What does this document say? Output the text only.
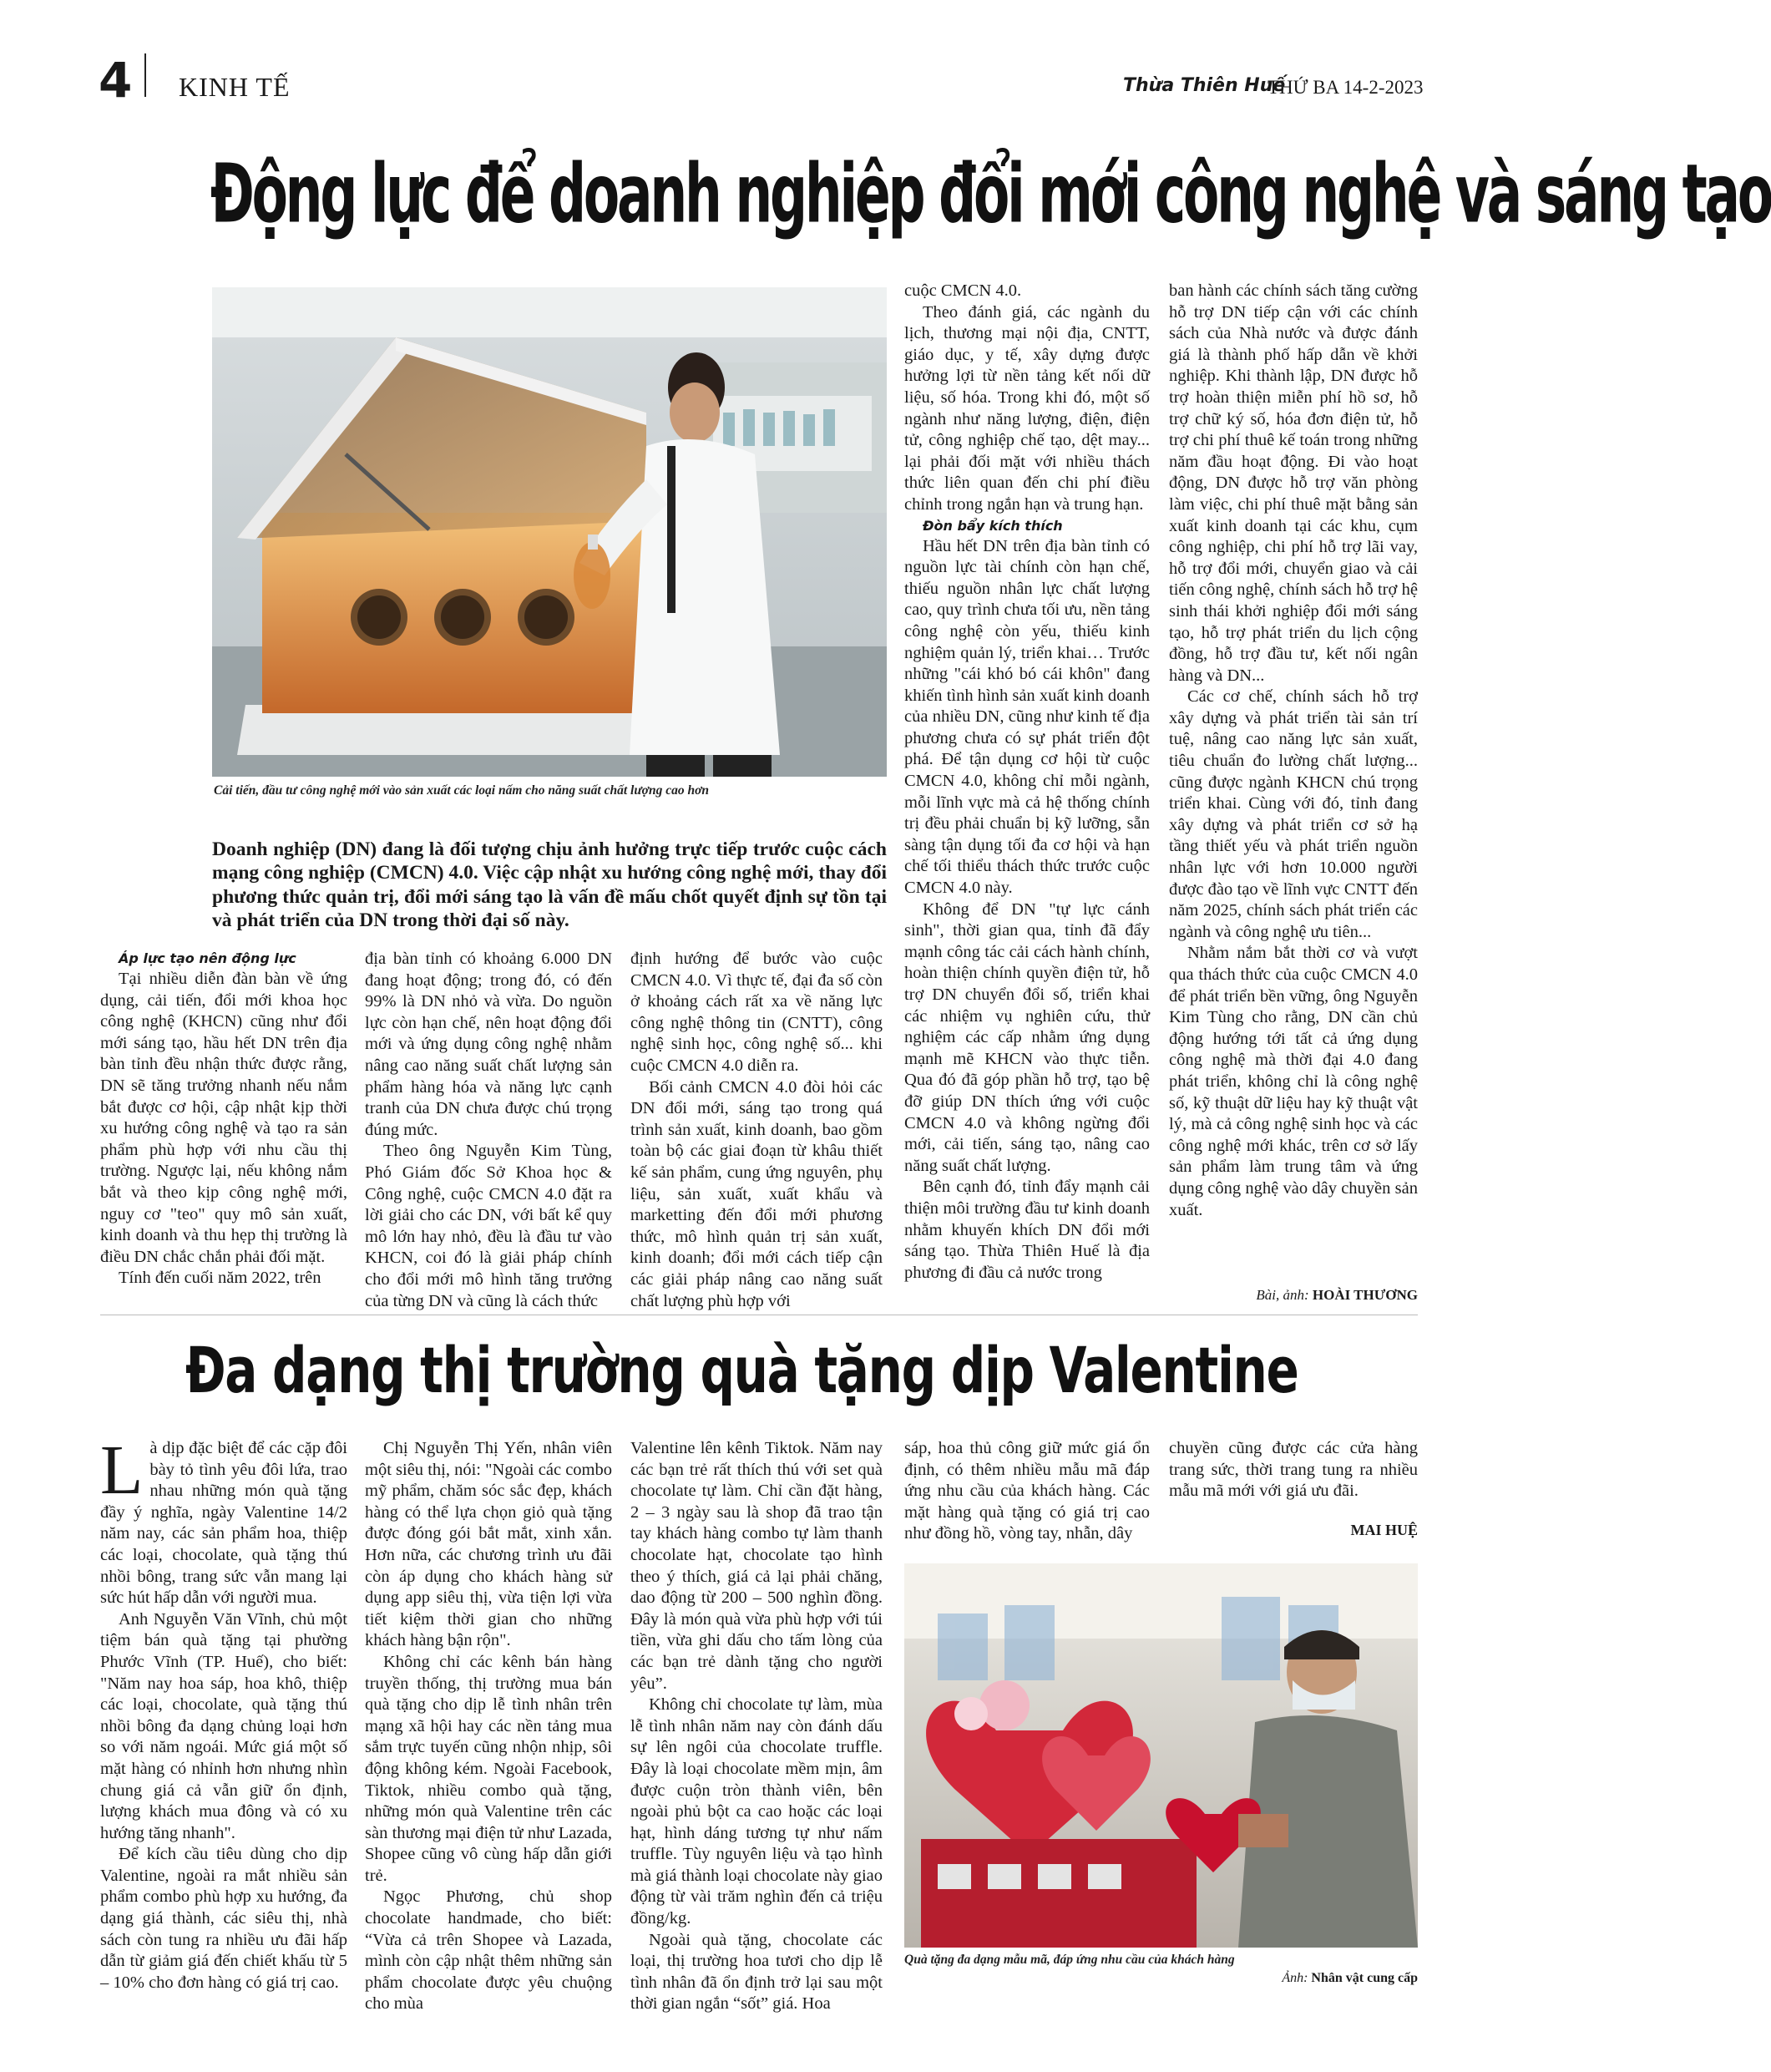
4 KINH TẾ	Thừa Thiên Huế
THỨ BA 14-2-2023
Động lực để doanh nghiệp đổi mới công nghệ và sáng tạo
Cải tiến, đầu tư công nghệ mới vào sản xuất các loại nấm cho năng suất chất lượng cao hơn
Doanh nghiệp (DN) đang là đối tượng chịu ảnh hưởng trực tiếp trước cuộc cách mạng công nghiệp (CMCN) 4.0. Việc cập nhật xu hướng công nghệ mới, thay đổi phương thức quản trị, đổi mới sáng tạo là vấn đề mấu chốt quyết định sự tồn tại và phát triển của DN trong thời đại số này.

Áp lực tạo nên động lực

Tại nhiều diễn đàn bàn về ứng dụng, cải tiến, đổi mới khoa học công nghệ (KHCN) cũng như đổi mới sáng tạo, hầu hết DN trên địa bàn tỉnh đều nhận thức được rằng, DN sẽ tăng trưởng nhanh nếu nắm bắt được cơ hội, cập nhật kịp thời xu hướng công nghệ và tạo ra sản phẩm phù hợp với nhu cầu thị trường. Ngược lại, nếu không nắm bắt và theo kịp công nghệ mới, nguy cơ "teo" quy mô sản xuất, kinh doanh và thu hẹp thị trường là điều DN chắc chắn phải đối mặt.

Tính đến cuối năm 2022, trên

địa bàn tỉnh có khoảng 6.000 DN đang hoạt động; trong đó, có đến 99% là DN nhỏ và vừa. Do nguồn lực còn hạn chế, nên hoạt động đổi mới và ứng dụng công nghệ nhằm nâng cao năng suất chất lượng sản phẩm hàng hóa và năng lực cạnh tranh của DN chưa được chú trọng đúng mức.

Theo ông Nguyễn Kim Tùng, Phó Giám đốc Sở Khoa học & Công nghệ, cuộc CMCN 4.0 đặt ra lời giải cho các DN, với bất kể quy mô lớn hay nhỏ, đều là đầu tư vào KHCN, coi đó là giải pháp chính cho đổi mới mô hình tăng trưởng của từng DN và cũng là cách thức

định hướng để bước vào cuộc CMCN 4.0. Vì thực tế, đại đa số còn ở khoảng cách rất xa về năng lực công nghệ thông tin (CNTT), công nghệ sinh học, công nghệ số... khi cuộc CMCN 4.0 diễn ra.

Bối cảnh CMCN 4.0 đòi hỏi các DN đổi mới, sáng tạo trong quá trình sản xuất, kinh doanh, bao gồm toàn bộ các giai đoạn từ khâu thiết kế sản phẩm, cung ứng nguyên, phụ liệu, sản xuất, xuất khẩu và marketting đến đổi mới phương thức, mô hình quản trị sản xuất, kinh doanh; đổi mới cách tiếp cận các giải pháp nâng cao năng suất chất lượng phù hợp với

cuộc CMCN 4.0.

Theo đánh giá, các ngành du lịch, thương mại nội địa, CNTT, giáo dục, y tế, xây dựng được hưởng lợi từ nền tảng kết nối dữ liệu, số hóa. Trong khi đó, một số ngành như năng lượng, điện, điện tử, công nghiệp chế tạo, dệt may... lại phải đối mặt với nhiều thách thức liên quan đến chi phí điều chỉnh trong ngắn hạn và trung hạn.

Đòn bẩy kích thích

Hầu hết DN trên địa bàn tỉnh có nguồn lực tài chính còn hạn chế, thiếu nguồn nhân lực chất lượng cao, quy trình chưa tối ưu, nền tảng công nghệ còn yếu, thiếu kinh nghiệm quản lý, triển khai… Trước những "cái khó bó cái khôn" đang khiến tình hình sản xuất kinh doanh của nhiều DN, cũng như kinh tế địa phương chưa có sự phát triển đột phá. Để tận dụng cơ hội từ cuộc CMCN 4.0, không chỉ mỗi ngành, mỗi lĩnh vực mà cả hệ thống chính trị đều phải chuẩn bị kỹ lưỡng, sẵn sàng tận dụng tối đa cơ hội và hạn chế tối thiểu thách thức trước cuộc CMCN 4.0 này.

Không để DN "tự lực cánh sinh", thời gian qua, tỉnh đã đẩy mạnh công tác cải cách hành chính, hoàn thiện chính quyền điện tử, hỗ trợ DN chuyển đổi số, triển khai các nhiệm vụ nghiên cứu, thử nghiệm các cấp nhằm ứng dụng mạnh mẽ KHCN vào thực tiễn. Qua đó đã góp phần hỗ trợ, tạo bệ đỡ giúp DN thích ứng với cuộc CMCN 4.0 và không ngừng đổi mới, cải tiến, sáng tạo, nâng cao năng suất chất lượng.

Bên cạnh đó, tỉnh đẩy mạnh cải thiện môi trường đầu tư kinh doanh nhằm khuyến khích DN đổi mới sáng tạo. Thừa Thiên Huế là địa phương đi đầu cả nước trong

ban hành các chính sách tăng cường hỗ trợ DN tiếp cận với các chính sách của Nhà nước và được đánh giá là thành phố hấp dẫn về khởi nghiệp. Khi thành lập, DN được hỗ trợ hoàn thiện miễn phí hồ sơ, hỗ trợ chữ ký số, hóa đơn điện tử, hỗ trợ chi phí thuê kế toán trong những năm đầu hoạt động. Đi vào hoạt động, DN được hỗ trợ văn phòng làm việc, chi phí thuê mặt bằng sản xuất kinh doanh tại các khu, cụm công nghiệp, chi phí hỗ trợ lãi vay, hỗ trợ đổi mới, chuyển giao và cải tiến công nghệ, chính sách hỗ trợ hệ sinh thái khởi nghiệp đổi mới sáng tạo, hỗ trợ phát triển du lịch cộng đồng, hỗ trợ đầu tư, kết nối ngân hàng và DN...

Các cơ chế, chính sách hỗ trợ xây dựng và phát triển tài sản trí tuệ, nâng cao năng lực sản xuất, tiêu chuẩn đo lường chất lượng... cũng được ngành KHCN chú trọng triển khai. Cùng với đó, tỉnh đang xây dựng và phát triển cơ sở hạ tầng thiết yếu và phát triển nguồn nhân lực với hơn 10.000 người được đào tạo về lĩnh vực CNTT đến năm 2025, chính sách phát triển các ngành và công nghệ ưu tiên...

Nhằm nắm bắt thời cơ và vượt qua thách thức của cuộc CMCN 4.0 để phát triển bền vững, ông Nguyễn Kim Tùng cho rằng, DN cần chủ động hướng tới tất cả ứng dụng công nghệ mà thời đại 4.0 đang phát triển, không chỉ là công nghệ số, kỹ thuật dữ liệu hay kỹ thuật vật lý, mà cả công nghệ sinh học và các công nghệ mới khác, trên cơ sở lấy sản phẩm làm trung tâm và ứng dụng công nghệ vào dây chuyền sản xuất.

Bài, ảnh: HOÀI THƯƠNG
Đa dạng thị trường quà tặng dịp Valentine

Là dịp đặc biệt để các cặp đôi bày tỏ tình yêu đôi lứa, trao nhau những món quà tặng đầy ý nghĩa, ngày Valentine 14/2 năm nay, các sản phẩm hoa, thiệp các loại, chocolate, quà tặng thú nhồi bông, trang sức vẫn mang lại sức hút hấp dẫn với người mua.

Anh Nguyễn Văn Vĩnh, chủ một tiệm bán quà tặng tại phường Phước Vĩnh (TP. Huế), cho biết: "Năm nay hoa sáp, hoa khô, thiệp các loại, chocolate, quà tặng thú nhồi bông đa dạng chủng loại hơn so với năm ngoái. Mức giá một số mặt hàng có nhỉnh hơn nhưng nhìn chung giá cả vẫn giữ ổn định, lượng khách mua đông và có xu hướng tăng nhanh".

Để kích cầu tiêu dùng cho dịp Valentine, ngoài ra mắt nhiều sản phẩm combo phù hợp xu hướng, đa dạng giá thành, các siêu thị, nhà sách còn tung ra nhiều ưu đãi hấp dẫn từ giảm giá đến chiết khấu từ 5 – 10% cho đơn hàng có giá trị cao.

Chị Nguyễn Thị Yến, nhân viên một siêu thị, nói: "Ngoài các combo mỹ phẩm, chăm sóc sắc đẹp, khách hàng có thể lựa chọn giỏ quà tặng được đóng gói bắt mắt, xinh xắn. Hơn nữa, các chương trình ưu đãi còn áp dụng cho khách hàng sử dụng app siêu thị, vừa tiện lợi vừa tiết kiệm thời gian cho những khách hàng bận rộn".

Không chỉ các kênh bán hàng truyền thống, thị trường mua bán quà tặng cho dịp lễ tình nhân trên mạng xã hội hay các nền tảng mua sắm trực tuyến cũng nhộn nhịp, sôi động không kém. Ngoài Facebook, Tiktok, nhiều combo quà tặng, những món quà Valentine trên các sàn thương mại điện tử như Lazada, Shopee cũng vô cùng hấp dẫn giới trẻ.

Ngọc Phương, chủ shop chocolate handmade, cho biết: “Vừa cả trên Shopee và Lazada, mình còn cập nhật thêm những sản phẩm chocolate được yêu chuộng cho mùa

Valentine lên kênh Tiktok. Năm nay các bạn trẻ rất thích thú với set quà chocolate tự làm. Chỉ cần đặt hàng, 2 – 3 ngày sau là shop đã trao tận tay khách hàng combo tự làm thanh chocolate hạt, chocolate tạo hình theo ý thích, giá cả lại phải chăng, dao động từ 200 – 500 nghìn đồng. Đây là món quà vừa phù hợp với túi tiền, vừa ghi dấu cho tấm lòng của các bạn trẻ dành tặng cho người yêu”.

Không chỉ chocolate tự làm, mùa lễ tình nhân năm nay còn đánh dấu sự lên ngôi của chocolate truffle. Đây là loại chocolate mềm mịn, âm được cuộn tròn thành viên, bên ngoài phủ bột ca cao hoặc các loại hạt, hình dáng tương tự như nấm truffle. Tùy nguyên liệu và tạo hình mà giá thành loại chocolate này giao động từ vài trăm nghìn đến cả triệu đồng/kg.

Ngoài quà tặng, chocolate các loại, thị trường hoa tươi cho dịp lễ tình nhân đã ổn định trở lại sau một thời gian ngắn “sốt” giá. Hoa

sáp, hoa thủ công giữ mức giá ổn định, có thêm nhiều mẫu mã đáp ứng nhu cầu của khách hàng. Các mặt hàng quà tặng có giá trị cao như đồng hồ, vòng tay, nhẫn, dây

chuyền cũng được các cửa hàng trang sức, thời trang tung ra nhiều mẫu mã mới với giá ưu đãi.

MAI HUỆ
Quà tặng đa dạng mẫu mã, đáp ứng nhu cầu của khách hàng
Ảnh: Nhân vật cung cấp
